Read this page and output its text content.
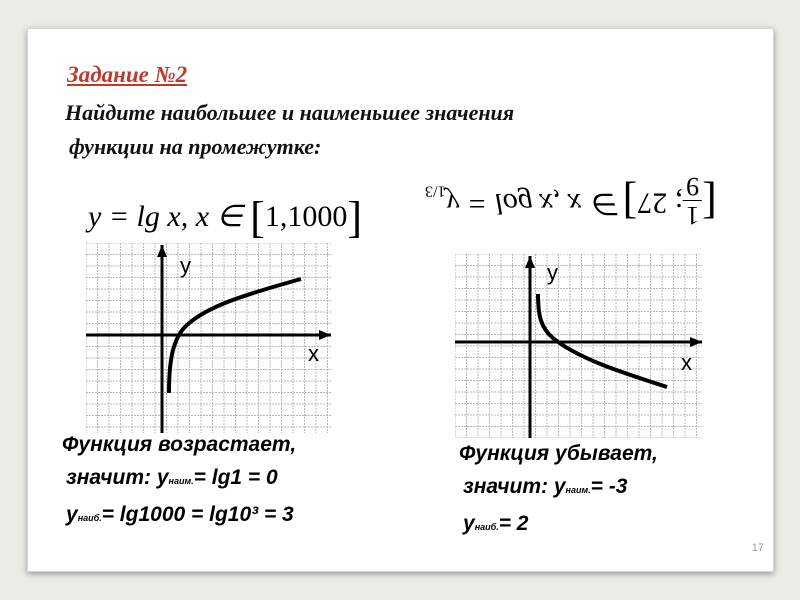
Задание №2
Найдите наибольшее и наименьшее значения
функции на промежутке:
y = lg x, x ∈ [1,1000]	[
1
9
; 27] x, x ∈ $y = \log_{1/3}$
y
x
y
x
Функция возрастает,
значит: yнаим.= lg1 = 0
yнаиб.= lg1000 = lg10³ = 3
Функция убывает,
значит: yнаим.= -3
yнаиб.= 2
17
